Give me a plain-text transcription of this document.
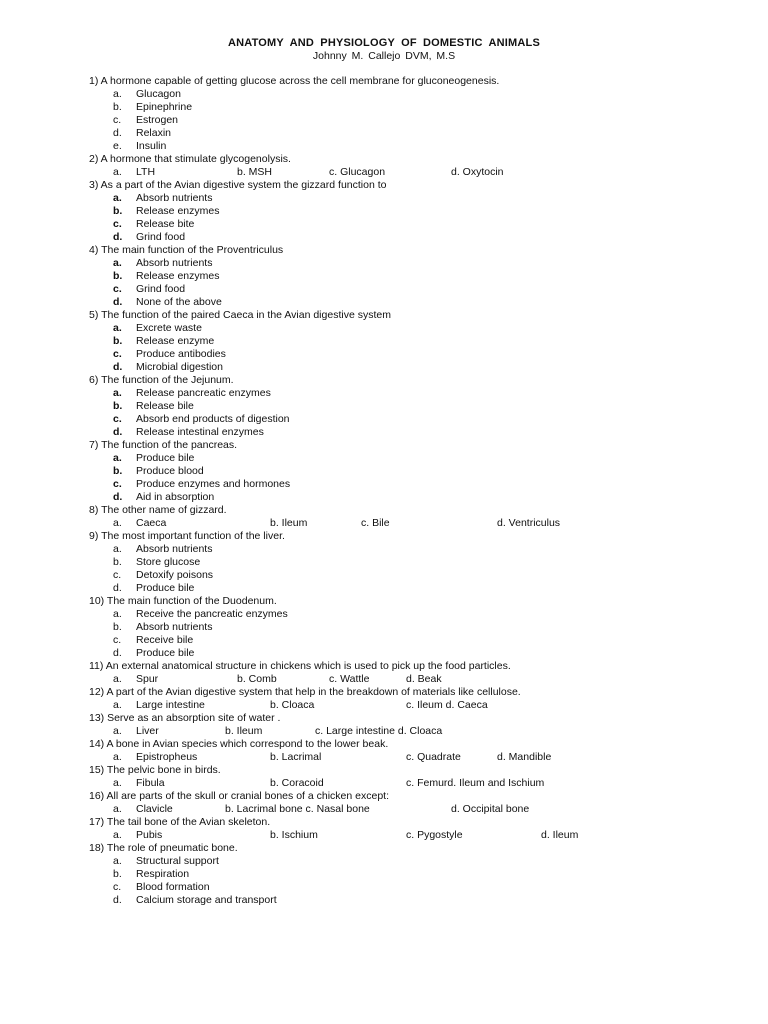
ANATOMY AND PHYSIOLOGY OF DOMESTIC ANIMALS
Johnny M. Callejo DVM, M.S
1) A hormone capable of getting glucose across the cell membrane for gluconeogenesis.
a. Glucagon
b. Epinephrine
c. Estrogen
d. Relaxin
e. Insulin
2) A hormone that stimulate glycogenolysis.
a. LTH	b. MSH	c. Glucagon	d. Oxytocin
3) As a part of the Avian digestive system the gizzard function to
a. Absorb nutrients
b. Release enzymes
c. Release bite
d. Grind food
4) The main function of the Proventriculus
a. Absorb nutrients
b. Release enzymes
c. Grind food
d. None of the above
5) The function of the paired Caeca in the Avian digestive system
a. Excrete waste
b. Release enzyme
c. Produce antibodies
d. Microbial digestion
6) The function of the Jejunum.
a. Release pancreatic enzymes
b. Release bile
c. Absorb end products of digestion
d. Release intestinal enzymes
7) The function of the pancreas.
a. Produce bile
b. Produce blood
c. Produce enzymes and hormones
d. Aid in absorption
8) The other name of gizzard.
a. Caeca	b. Ileum	c. Bile	d. Ventriculus
9) The most important function of the liver.
a. Absorb nutrients
b. Store glucose
c. Detoxify poisons
d. Produce bile
10) The main function of the Duodenum.
a. Receive the pancreatic enzymes
b. Absorb nutrients
c. Receive bile
d. Produce bile
11) An external anatomical structure in chickens which is used to pick up the food particles.
a. Spur	b. Comb	c. Wattle	d. Beak
12) A part of the Avian digestive system that help in the breakdown of materials like cellulose.
a. Large intestine	b. Cloaca	c. Ileum d. Caeca
13) Serve as an absorption site of water .
a. Liver	b. Ileum	c. Large intestine d. Cloaca
14) A bone in Avian species which correspond to the lower beak.
a. Epistropheus	b. Lacrimal	c. Quadrate	d. Mandible
15) The pelvic bone in birds.
a. Fibula	b. Coracoid	c. Femurd. Ileum and Ischium
16) All are parts of the skull or cranial bones of a chicken except:
a. Clavicle	b. Lacrimal bone c. Nasal bone	d. Occipital bone
17) The tail bone of the Avian skeleton.
a. Pubis	b. Ischium	c. Pygostyle	d. Ileum
18) The role of pneumatic bone.
a. Structural support
b. Respiration
c. Blood formation
d. Calcium storage and transport
